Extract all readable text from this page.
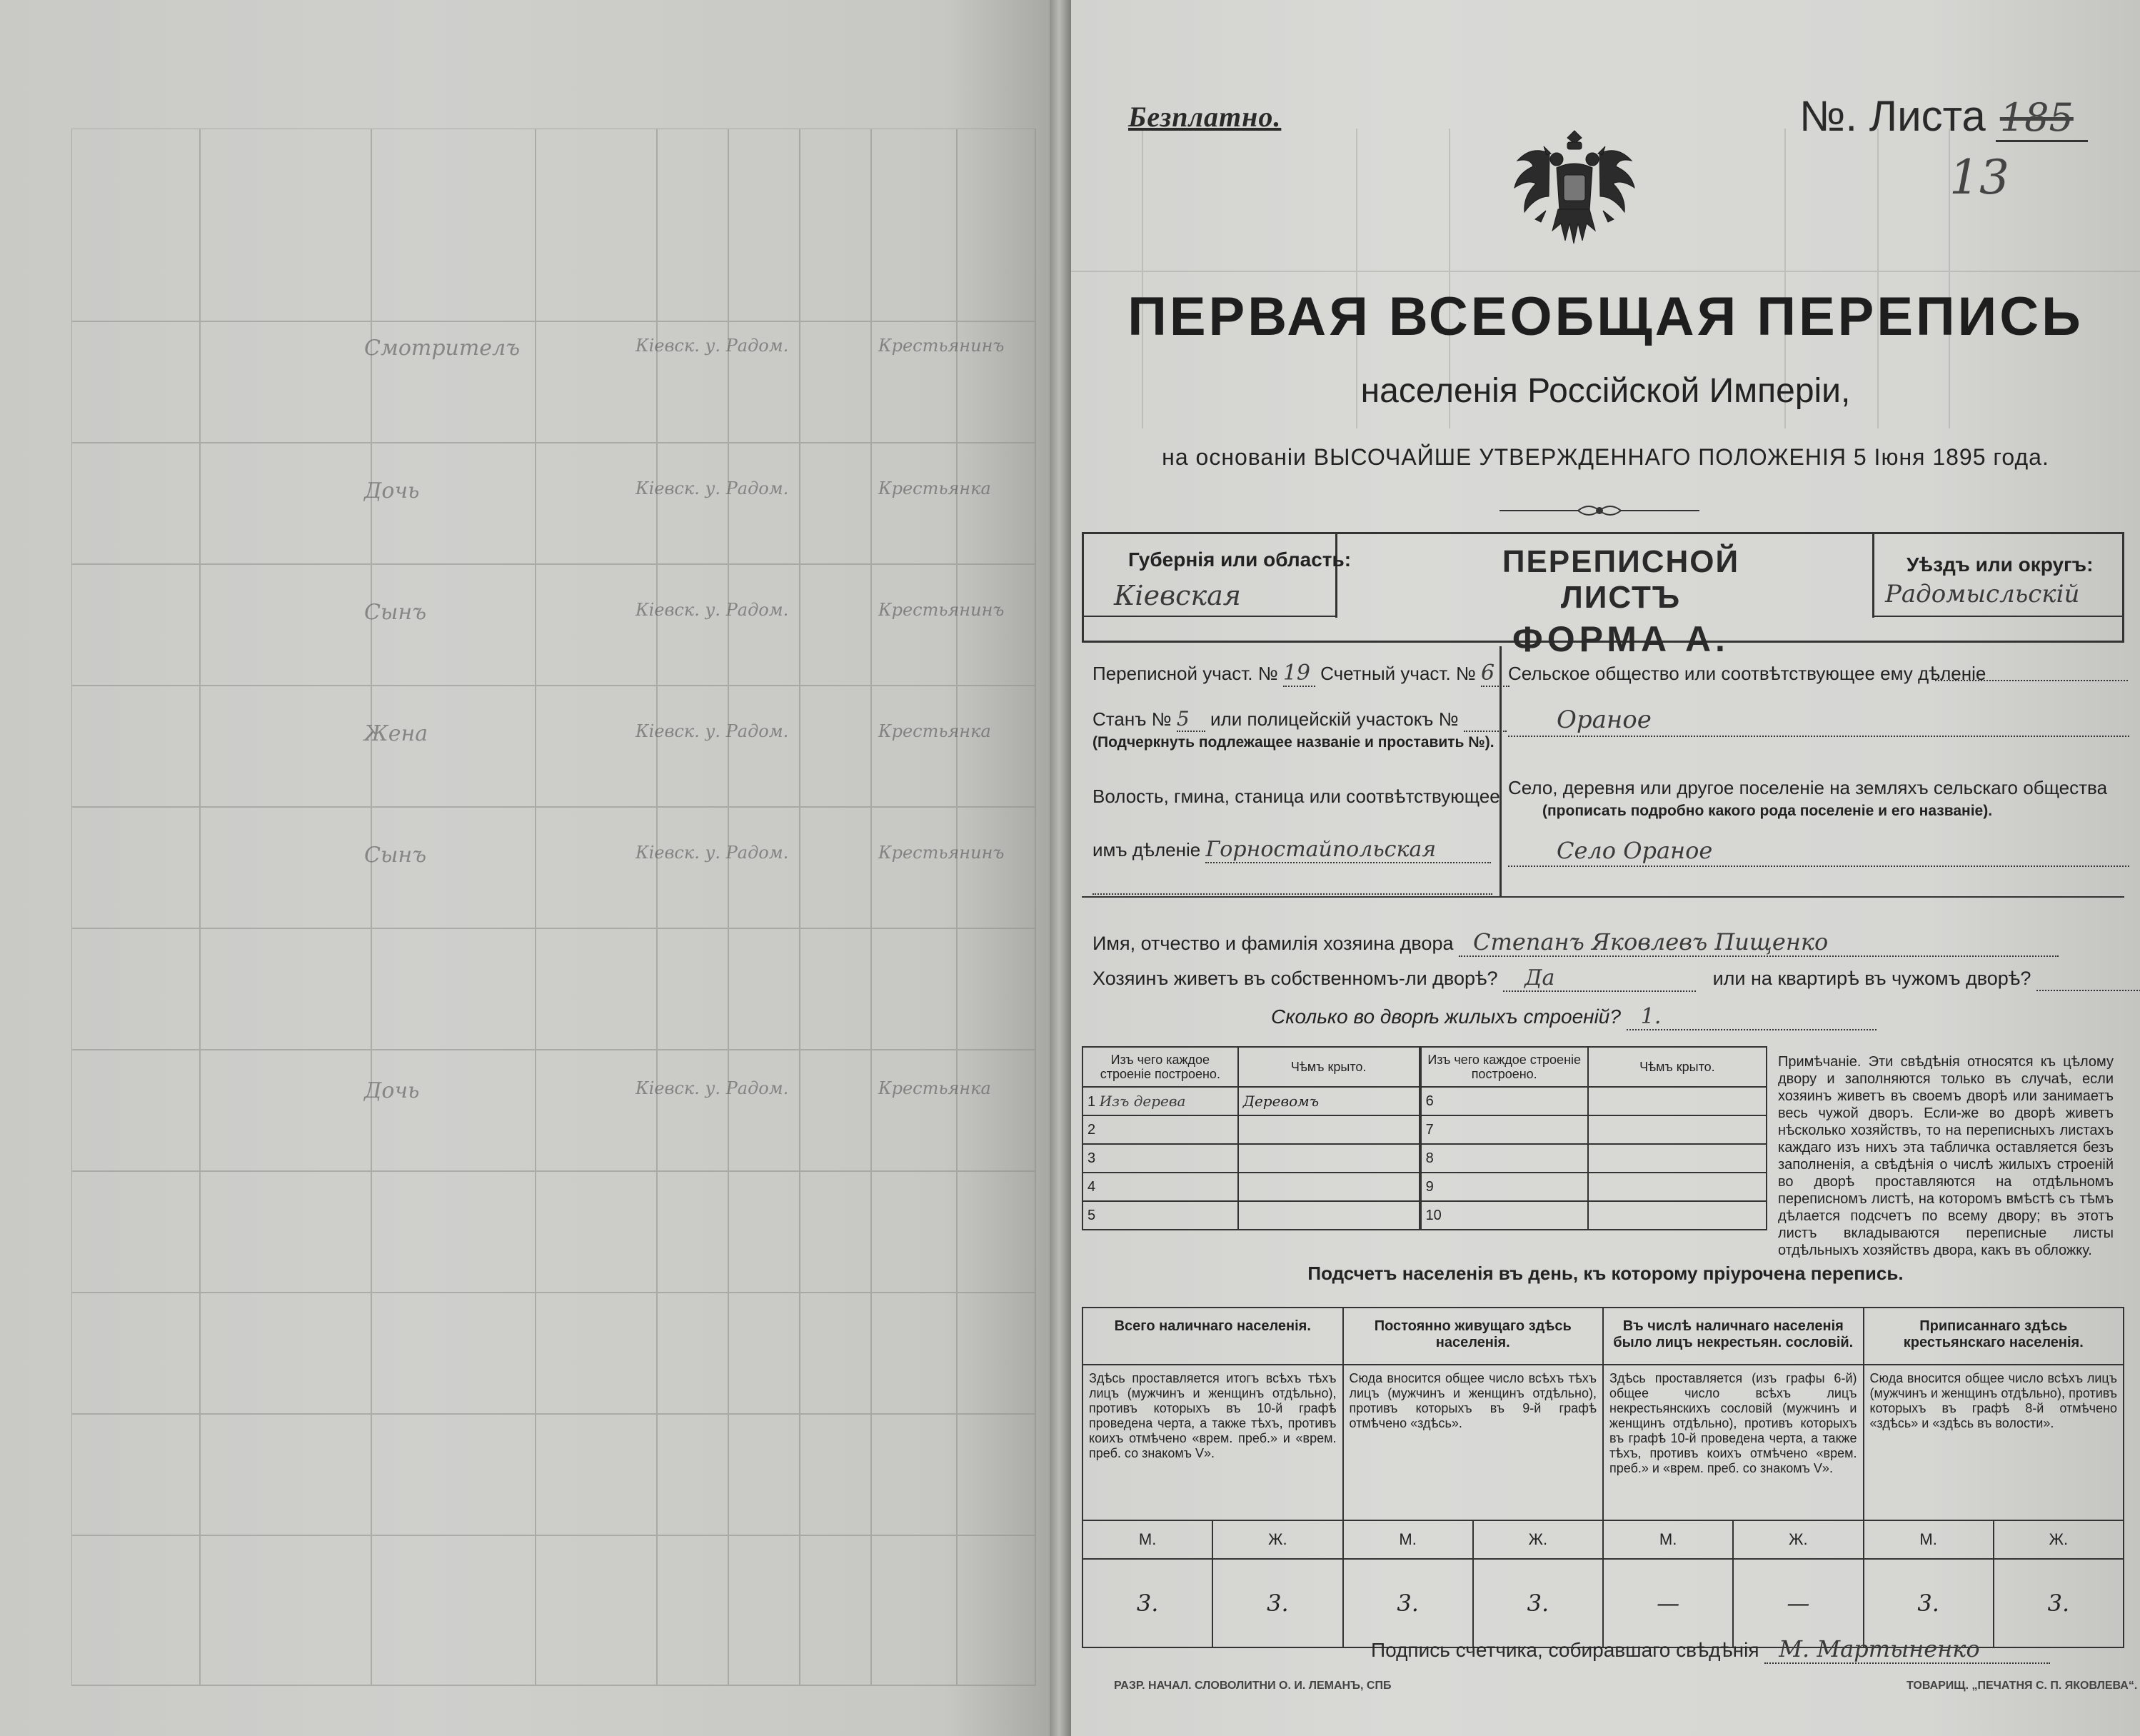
Смотрителъ	Кіевск. у. Радом.	Крестьянинъ
Дочь	Кіевск. у. Радом.	Крестьянка
Сынъ	Кіевск. у. Радом.	Крестьянинъ
Жена	Кіевск. у. Радом.	Крестьянка
Сынъ	Кіевск. у. Радом.	Крестьянинъ
Дочь	Кіевск. у. Радом.	Крестьянка
Безплатно.	№. Листа 185
13
ПЕРВАЯ ВСЕОБЩАЯ ПЕРЕПИСЬ
населенія Россійской Имперіи,
на основаніи ВЫСОЧАЙШЕ УТВЕРЖДЕННАГО ПОЛОЖЕНІЯ 5 Іюня 1895 года.
Губернія или область:
Кіевская
ПЕРЕПИСНОЙ ЛИСТЪ
ФОРМА А.
Уѣздъ или округъ:
Радомысльскій
Переписной участ. № 19 Счетный участ. № 6
Станъ № 5 или полицейскій участокъ №
(Подчеркнуть подлежащее названіе и проставить №).
Волость, гмина, станица или соотвѣтствующее
имъ дѣленіе Горностайпольская
Сельское общество или соотвѣтствующее ему дѣленіе
Ораное
Село, деревня или другое поселеніе на земляхъ сельскаго общества
(прописать подробно какого рода поселеніе и его названіе).
Село Ораное
Имя, отчество и фамилія хозяина двора Степанъ Яковлевъ Пищенко
Хозяинъ живетъ въ собственномъ-ли дворѣ? Да	или на квартирѣ въ чужомъ дворѣ?
Сколько во дворѣ жилыхъ строеній? 1.
Изъ чего каждое строеніе построено.	Чѣмъ крыто.	Изъ чего каждое строеніе построено.	Чѣмъ крыто.
1 Изъ дерева	Деревомъ	6	
2		7	
3		8	
4		9	
5		10	
Примѣчаніе. Эти свѣдѣнія относятся къ цѣлому двору и заполняются только въ случаѣ, если хозяинъ живетъ въ своемъ дворѣ или занимаетъ весь чужой дворъ. Если-же во дворѣ живетъ нѣсколько хозяйствъ, то на переписныхъ листахъ каждаго изъ нихъ эта табличка оставляется безъ заполненія, а свѣдѣнія о числѣ жилыхъ строеній во дворѣ проставляются на отдѣльномъ переписномъ листѣ, на которомъ вмѣстѣ съ тѣмъ дѣлается подсчетъ по всему двору; въ этотъ листъ вкладываются переписные листы отдѣльныхъ хозяйствъ двора, какъ въ обложку.
Подсчетъ населенія въ день, къ которому пріурочена перепись.
Всего наличнаго населенія.		Постоянно живущаго здѣсь населенія.		Въ числѣ наличнаго населенія было лицъ некрестьян. сословій.		Приписаннаго здѣсь крестьянскаго населенія.	
Здѣсь проставляется итогъ всѣхъ тѣхъ лицъ (мужчинъ и женщинъ отдѣльно), противъ которыхъ въ 10-й графѣ проведена черта, а также тѣхъ, противъ коихъ отмѣчено «врем. преб.» и «врем. преб. со знакомъ V».		Сюда вносится общее число всѣхъ тѣхъ лицъ (мужчинъ и женщинъ отдѣльно), противъ которыхъ въ 9-й графѣ отмѣчено «здѣсь».		Здѣсь проставляется (изъ графы 6-й) общее число всѣхъ лицъ некрестьянскихъ сословій (мужчинъ и женщинъ отдѣльно), противъ которыхъ въ графѣ 10-й проведена черта, а также тѣхъ, противъ коихъ отмѣчено «врем. преб.» и «врем. преб. со знакомъ V».		Сюда вносится общее число всѣхъ лицъ (мужчинъ и женщинъ отдѣльно), противъ которыхъ въ графѣ 8-й отмѣчено «здѣсь» и «здѣсь въ волости».	
М.	Ж.	М.	Ж.	М.	Ж.	М.	Ж.
3.	3.	3.	3.	—	—	3.	3.
Подпись счетчика, собиравшаго свѣдѣнія М. Мартыненко
РАЗР. НАЧАЛ. СЛОВОЛИТНИ О. И. ЛЕМАНЪ, СПБ	ТОВАРИЩ. „ПЕЧАТНЯ С. П. ЯКОВЛЕВА“.
